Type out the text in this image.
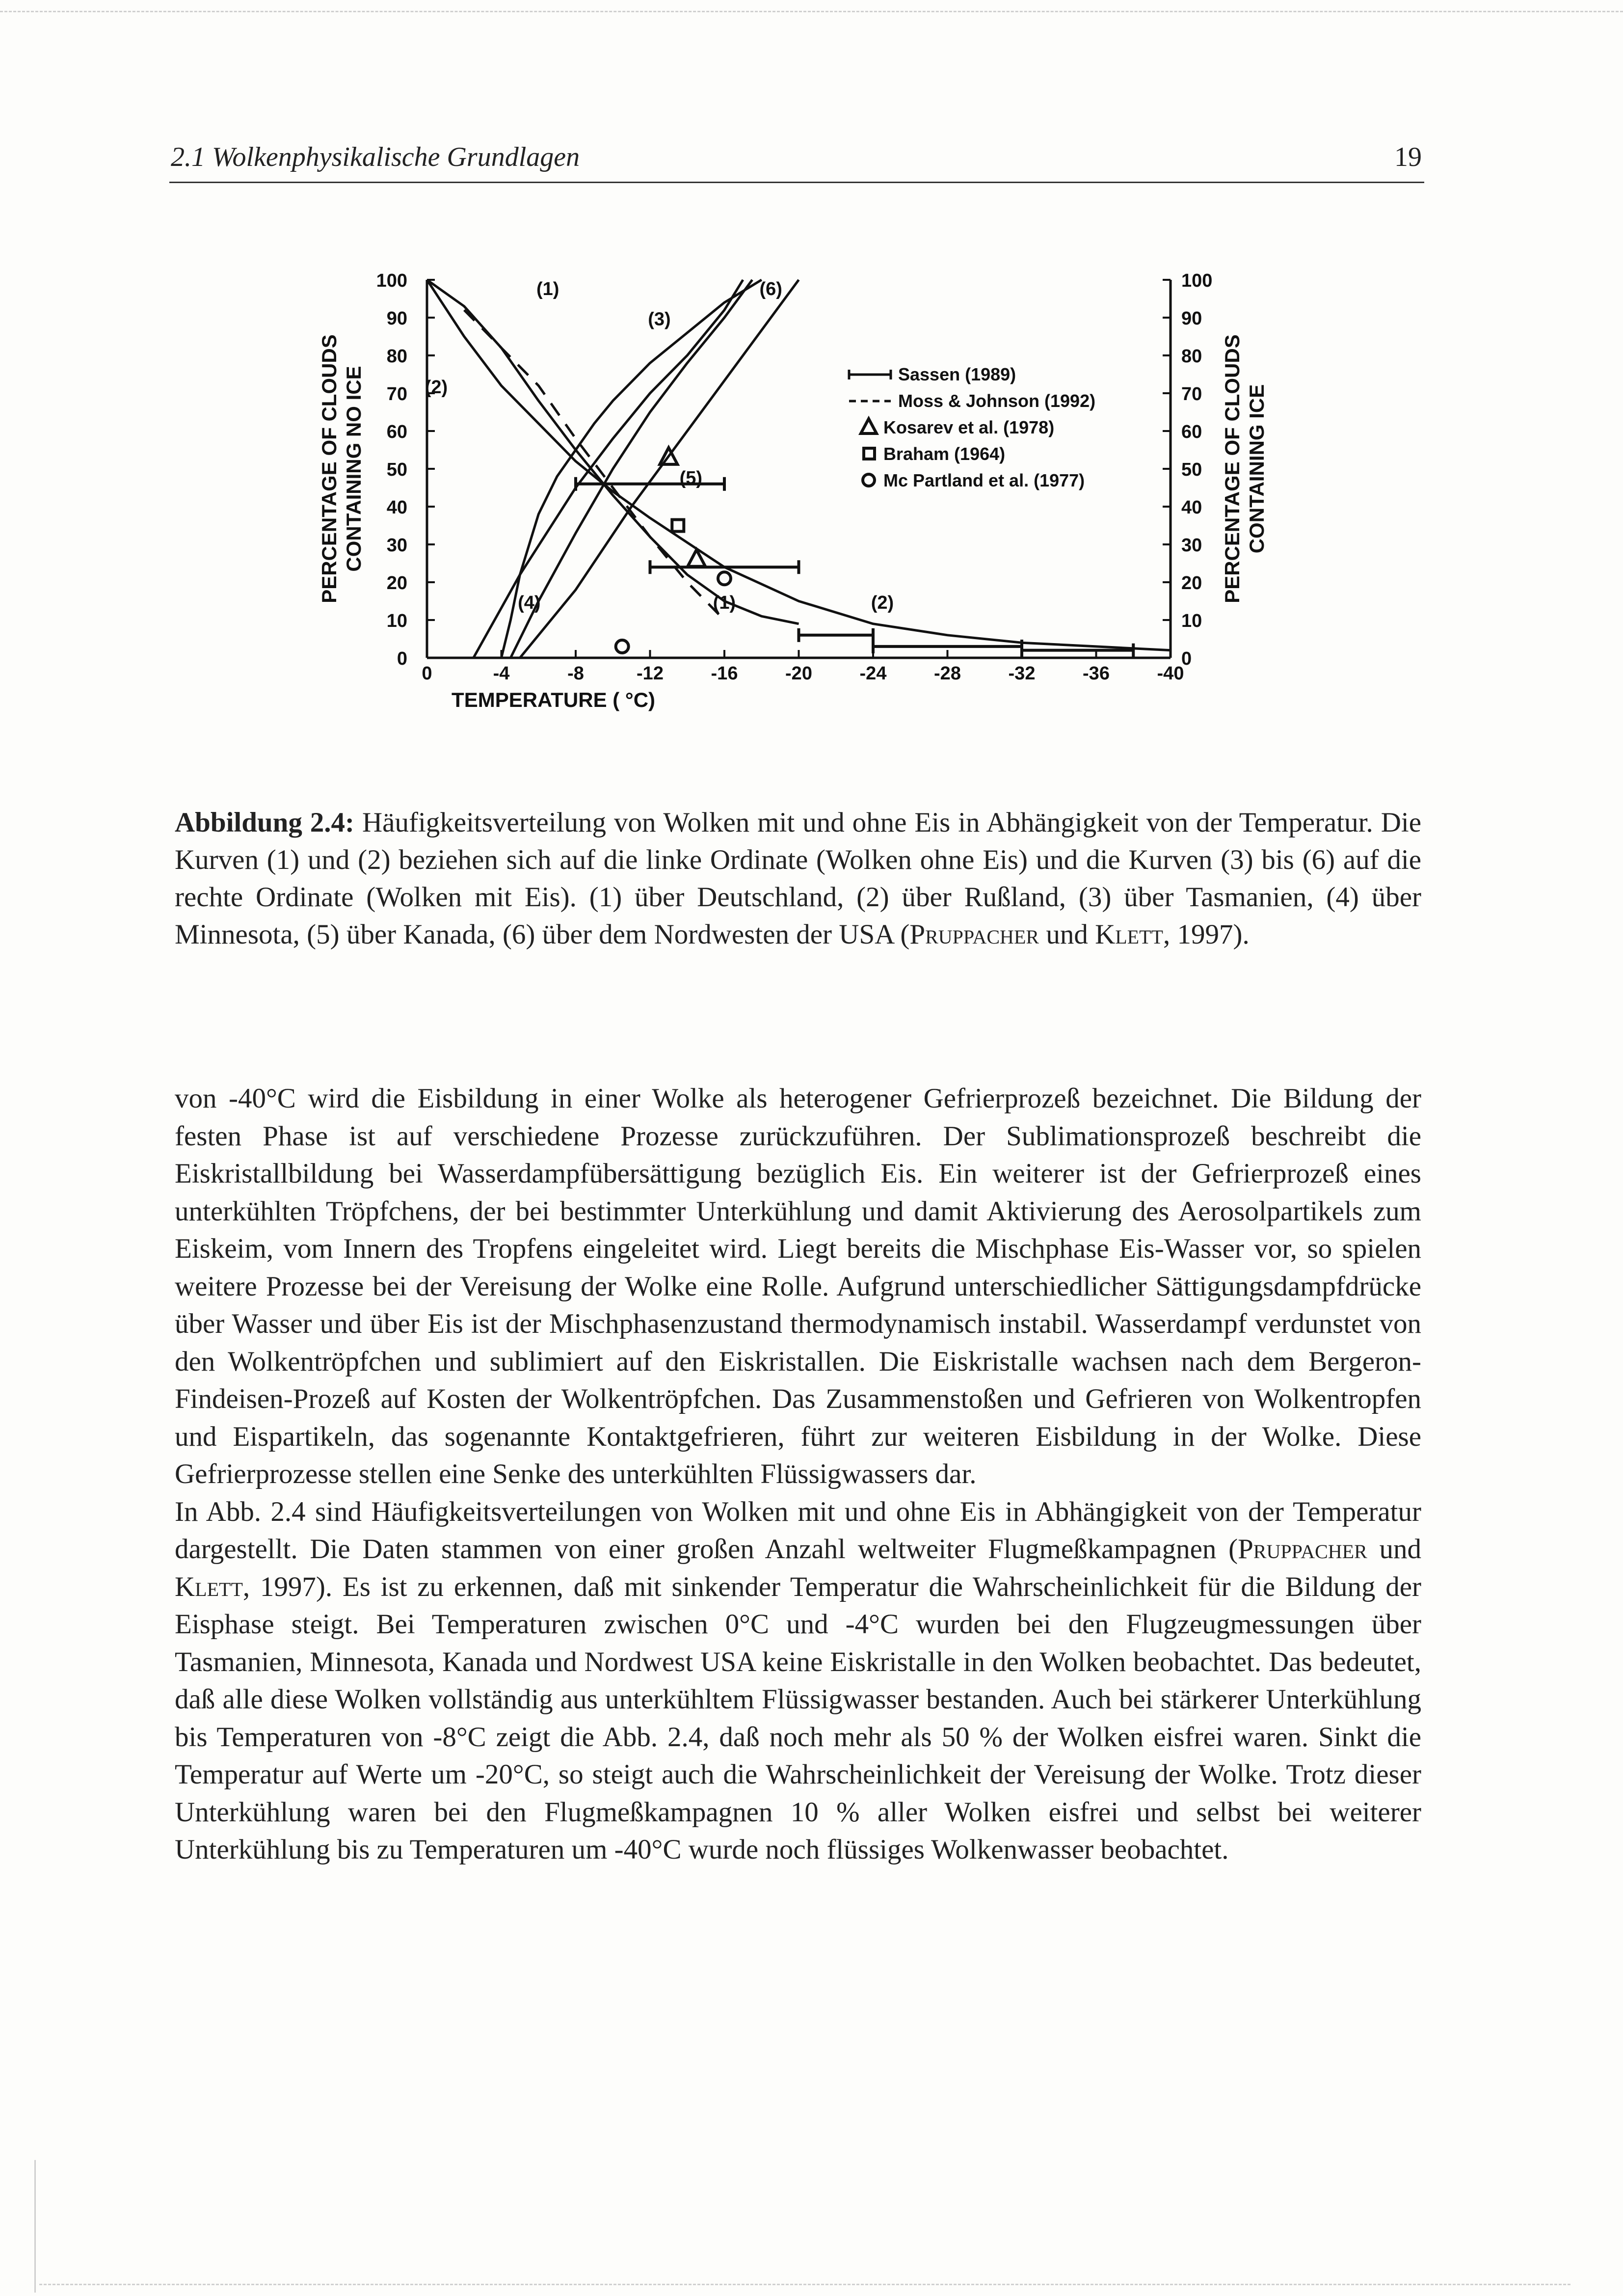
2.1 Wolkenphysikalische Grundlagen	19
Sassen (1989)
Moss & Johnson (1992)
Kosarev et al. (1978)
Braham (1964)
Mc Partland et al. (1977)
0
10
20
30
40
50
60
70
80
90
100
0
10
20
30
40
50
60
70
80
90
100
0	-4	-8	-12	-16	-20	-24	-28	-32	-36	-40
TEMPERATURE ( °C)
PERCENTAGE OF CLOUDS CONTAINING NO ICE	PERCENTAGE OF CLOUDS CONTAINING ICE
(1)
(2)
(3)
(4)
(5)
(6)
(2)
(1)
Abbildung 2.4: Häufigkeitsverteilung von Wolken mit und ohne Eis in Abhängigkeit von der Temperatur. Die Kurven (1) und (2) beziehen sich auf die linke Ordinate (Wolken ohne Eis) und die Kurven (3) bis (6) auf die rechte Ordinate (Wolken mit Eis). (1) über Deutschland, (2) über Rußland, (3) über Tasmanien, (4) über Minnesota, (5) über Kanada, (6) über dem Nordwesten der USA (Pruppacher und Klett, 1997).

von -40°C wird die Eisbildung in einer Wolke als heterogener Gefrierprozeß bezeichnet. Die Bildung der festen Phase ist auf verschiedene Prozesse zurückzuführen. Der Sublimationsprozeß beschreibt die Eiskristallbildung bei Wasserdampfübersättigung bezüglich Eis. Ein weiterer ist der Gefrierprozeß eines unterkühlten Tröpfchens, der bei bestimmter Unterkühlung und damit Aktivierung des Aerosolpartikels zum Eiskeim, vom Innern des Tropfens eingeleitet wird. Liegt bereits die Mischphase Eis-Wasser vor, so spielen weitere Prozesse bei der Vereisung der Wolke eine Rolle. Aufgrund unterschiedlicher Sättigungsdampfdrücke über Wasser und über Eis ist der Mischphasenzustand thermodynamisch instabil. Wasserdampf verdunstet von den Wolkentröpfchen und sublimiert auf den Eiskristallen. Die Eiskristalle wachsen nach dem Bergeron-Findeisen-Prozeß auf Kosten der Wolkentröpfchen. Das Zusammenstoßen und Gefrieren von Wolkentropfen und Eispartikeln, das sogenannte Kontaktgefrieren, führt zur weiteren Eisbildung in der Wolke. Diese Gefrierprozesse stellen eine Senke des unterkühlten Flüssigwassers dar.

In Abb. 2.4 sind Häufigkeitsverteilungen von Wolken mit und ohne Eis in Abhängigkeit von der Temperatur dargestellt. Die Daten stammen von einer großen Anzahl weltweiter Flugmeßkampagnen (Pruppacher und Klett, 1997). Es ist zu erkennen, daß mit sinkender Temperatur die Wahrscheinlichkeit für die Bildung der Eisphase steigt. Bei Temperaturen zwischen 0°C und -4°C wurden bei den Flugzeugmessungen über Tasmanien, Minnesota, Kanada und Nordwest USA keine Eiskristalle in den Wolken beobachtet. Das bedeutet, daß alle diese Wolken vollständig aus unterkühltem Flüssigwasser bestanden. Auch bei stärkerer Unterkühlung bis Temperaturen von -8°C zeigt die Abb. 2.4, daß noch mehr als 50 % der Wolken eisfrei waren. Sinkt die Temperatur auf Werte um -20°C, so steigt auch die Wahrscheinlichkeit der Vereisung der Wolke. Trotz dieser Unterkühlung waren bei den Flugmeßkampagnen 10 % aller Wolken eisfrei und selbst bei weiterer Unterkühlung bis zu Temperaturen um -40°C wurde noch flüssiges Wolkenwasser beobachtet.
